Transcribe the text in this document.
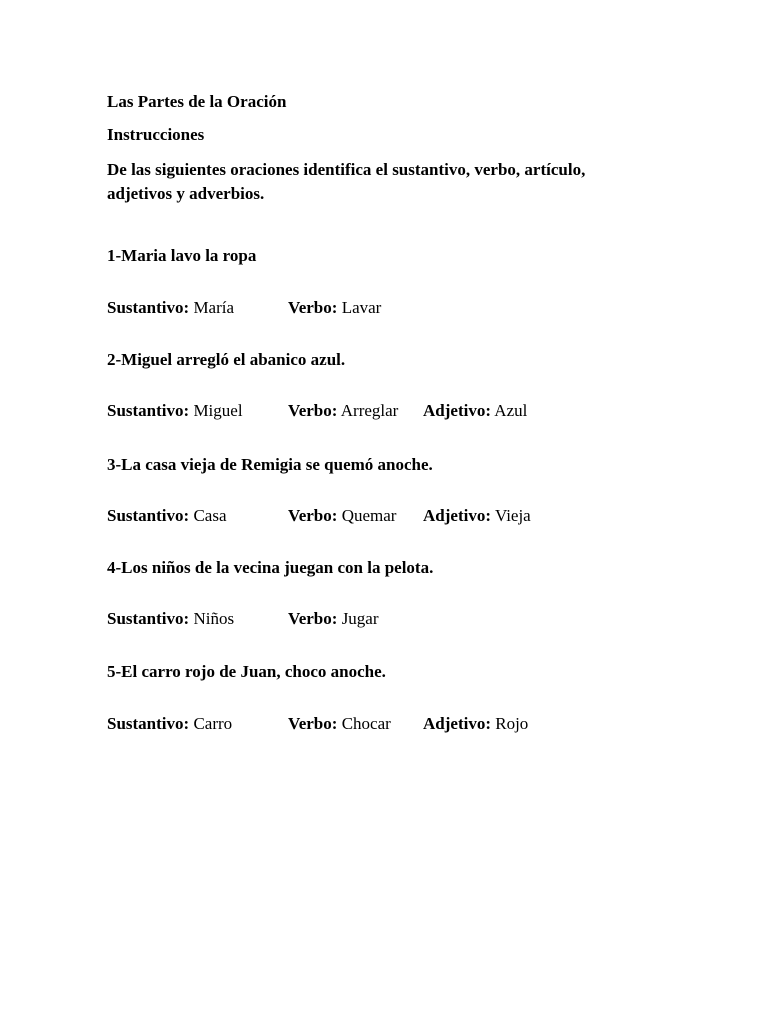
Las Partes de la Oración
Instrucciones
De las siguientes oraciones identifica el sustantivo, verbo, artículo, adjetivos y adverbios.
1-Maria lavo la ropa
Sustantivo: María	Verbo: Lavar
2-Miguel arregló el abanico azul.
Sustantivo: Miguel	Verbo: Arreglar Adjetivo: Azul
3-La casa vieja de Remigia se quemó anoche.
Sustantivo: Casa	Verbo: Quemar Adjetivo: Vieja
4-Los niños de la vecina juegan con la pelota.
Sustantivo: Niños	Verbo: Jugar
5-El carro rojo de Juan, choco anoche.
Sustantivo: Carro	Verbo: Chocar Adjetivo: Rojo
